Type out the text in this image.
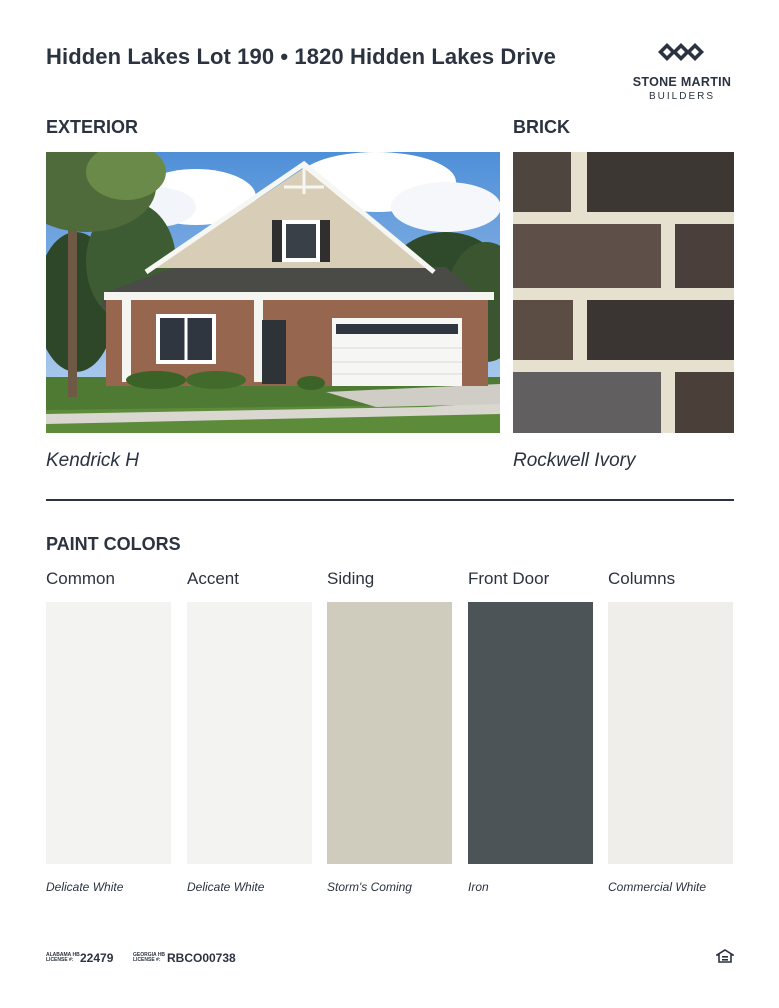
Hidden Lakes Lot 190 • 1820 Hidden Lakes Drive
STONE MARTIN
BUILDERS
EXTERIOR	BRICK
Kendrick H	Rockwell Ivory
PAINT COLORS
Common	Accent	Siding	Front Door	Columns
Delicate White	Delicate White	Storm's Coming	Iron	Commercial White
ALABAMA HB
LICENSE #: 22479	GEORGIA HB
LICENSE #: RBCO00738
